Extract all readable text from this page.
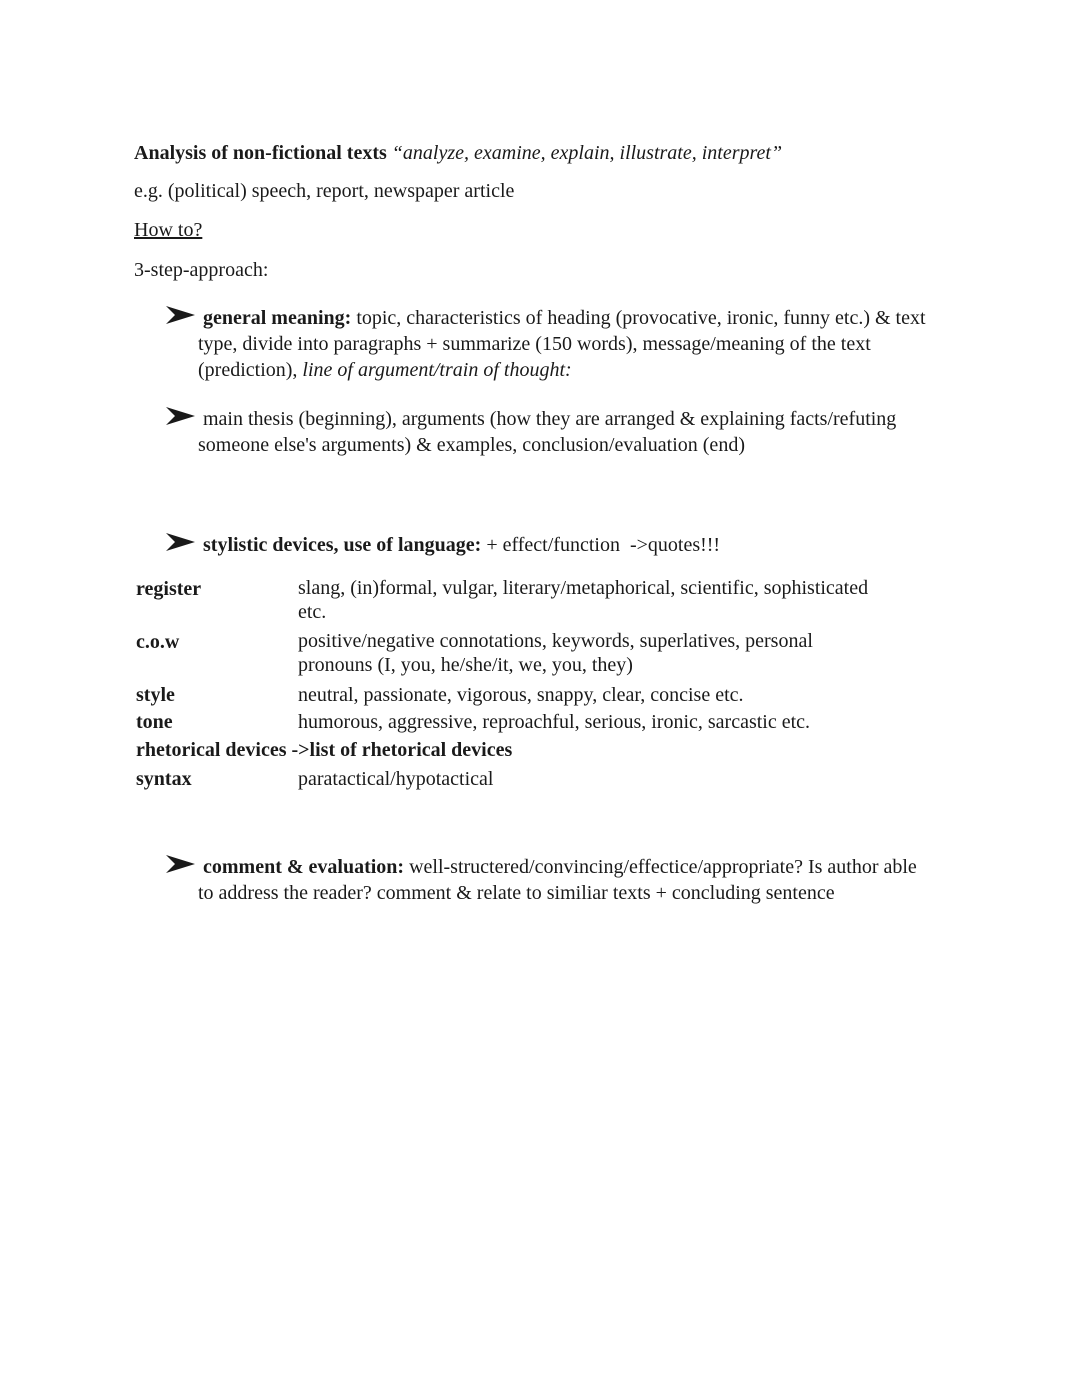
Analysis of non-fictional texts “analyze, examine, explain, illustrate, interpret”
e.g. (political) speech, report, newspaper article
How to?
3-step-approach:
general meaning: topic, characteristics of heading (provocative, ironic, funny etc.) & text type, divide into paragraphs + summarize (150 words), message/meaning of the text (prediction), line of argument/train of thought:
main thesis (beginning), arguments (how they are arranged & explaining facts/refuting someone else's arguments) & examples, conclusion/evaluation (end)
stylistic devices, use of language: + effect/function  ->quotes!!!
register	slang, (in)formal, vulgar, literary/metaphorical, scientific, sophisticated etc.
c.o.w	positive/negative connotations, keywords, superlatives, personal pronouns (I, you, he/she/it, we, you, they)
style	neutral, passionate, vigorous, snappy, clear, concise etc.
tone	humorous, aggressive, reproachful, serious, ironic, sarcastic etc.
rhetorical devices ->list of rhetorical devices
syntax	paratactical/hypotactical
comment & evaluation: well-structered/convincing/effectice/appropriate? Is author able to address the reader? comment & relate to similiar texts + concluding sentence
